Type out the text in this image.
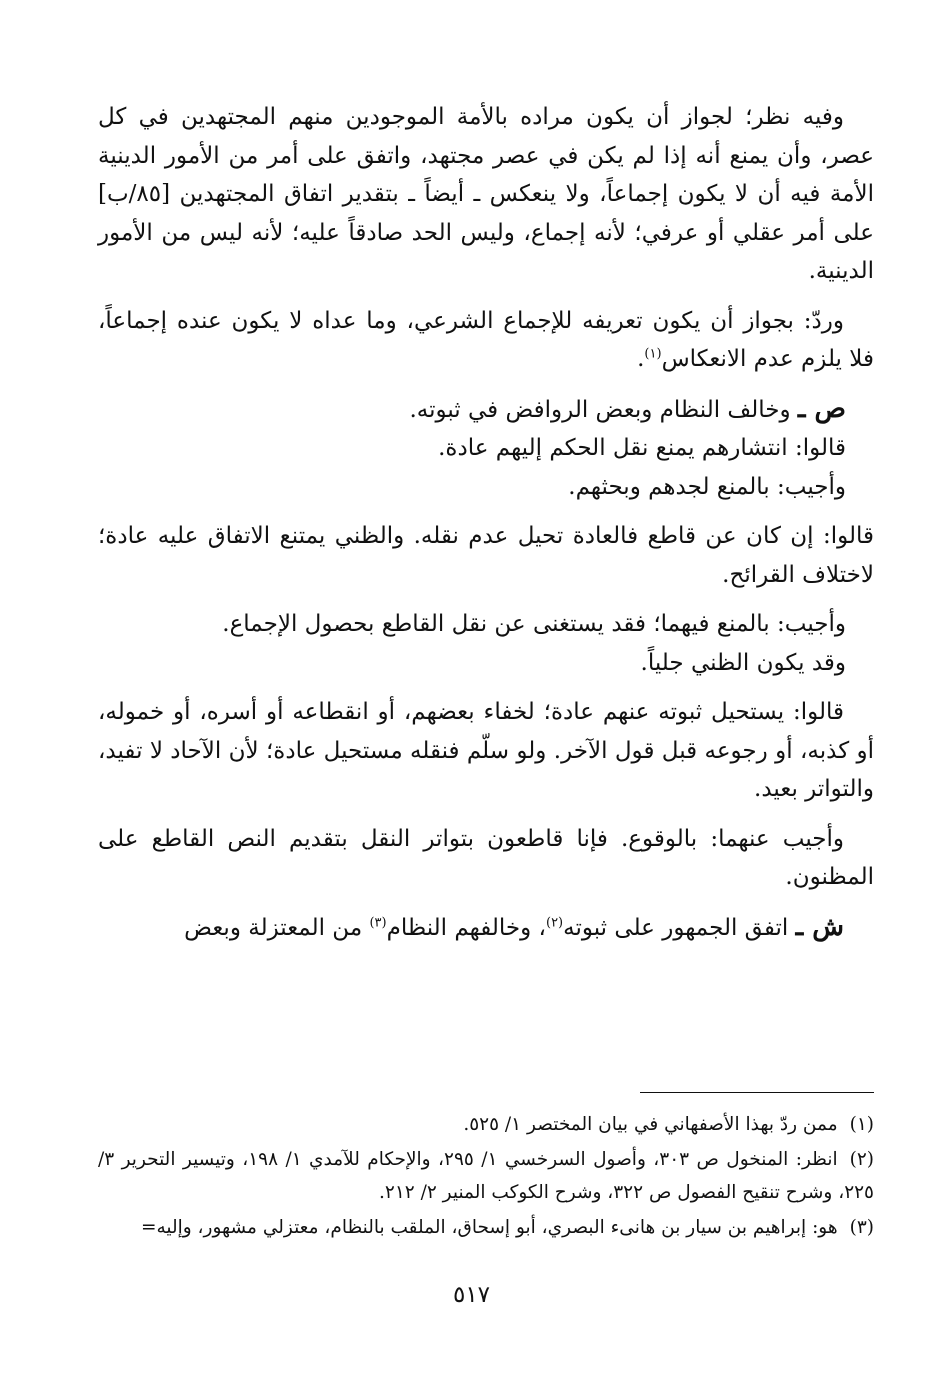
وفيه نظر؛ لجواز أن يكون مراده بالأمة الموجودين منهم المجتهدين في كل عصر، وأن يمنع أنه إذا لم يكن في عصر مجتهد، واتفق على أمر من الأمور الدينية الأمة فيه أن لا يكون إجماعاً، ولا ينعكس ـ أيضاً ـ بتقدير اتفاق المجتهدين [٨٥/ب] على أمر عقلي أو عرفي؛ لأنه إجماع، وليس الحد صادقاً عليه؛ لأنه ليس من الأمور الدينية.

وردّ: بجواز أن يكون تعريفه للإجماع الشرعي، وما عداه لا يكون عنده إجماعاً، فلا يلزم عدم الانعكاس$^{(١)}$.

ص ـ وخالف النظام وبعض الروافض في ثبوته.
قالوا: انتشارهم يمنع نقل الحكم إليهم عادة.
وأجيب: بالمنع لجدهم وبحثهم.

قالوا: إن كان عن قاطع فالعادة تحيل عدم نقله. والظني يمتنع الاتفاق عليه عادة؛ لاختلاف القرائح.

وأجيب: بالمنع فيهما؛ فقد يستغنى عن نقل القاطع بحصول الإجماع.
وقد يكون الظني جلياً.

قالوا: يستحيل ثبوته عنهم عادة؛ لخفاء بعضهم، أو انقطاعه أو أسره، أو خموله، أو كذبه، أو رجوعه قبل قول الآخر. ولو سلّم فنقله مستحيل عادة؛ لأن الآحاد لا تفيد، والتواتر بعيد.

وأجيب عنهما: بالوقوع. فإنا قاطعون بتواتر النقل بتقديم النص القاطع على المظنون.

ش ـ اتفق الجمهور على ثبوته$^{(٢)}$، وخالفهم النظام$^{(٣)}$ من المعتزلة وبعض

(١)ممن ردّ بهذا الأصفهاني في بيان المختصر ١/ ٥٢٥.
(٢)انظر: المنخول ص ٣٠٣، وأصول السرخسي ١/ ٢٩٥، والإحكام للآمدي ١/ ١٩٨، وتيسير التحرير ٣/ ٢٢٥، وشرح تنقيح الفصول ص ٣٢٢، وشرح الكوكب المنير ٢/ ٢١٢.
(٣)هو: إبراهيم بن سيار بن هانىء البصري، أبو إسحاق، الملقب بالنظام، معتزلي مشهور، وإليه=
٥١٧
